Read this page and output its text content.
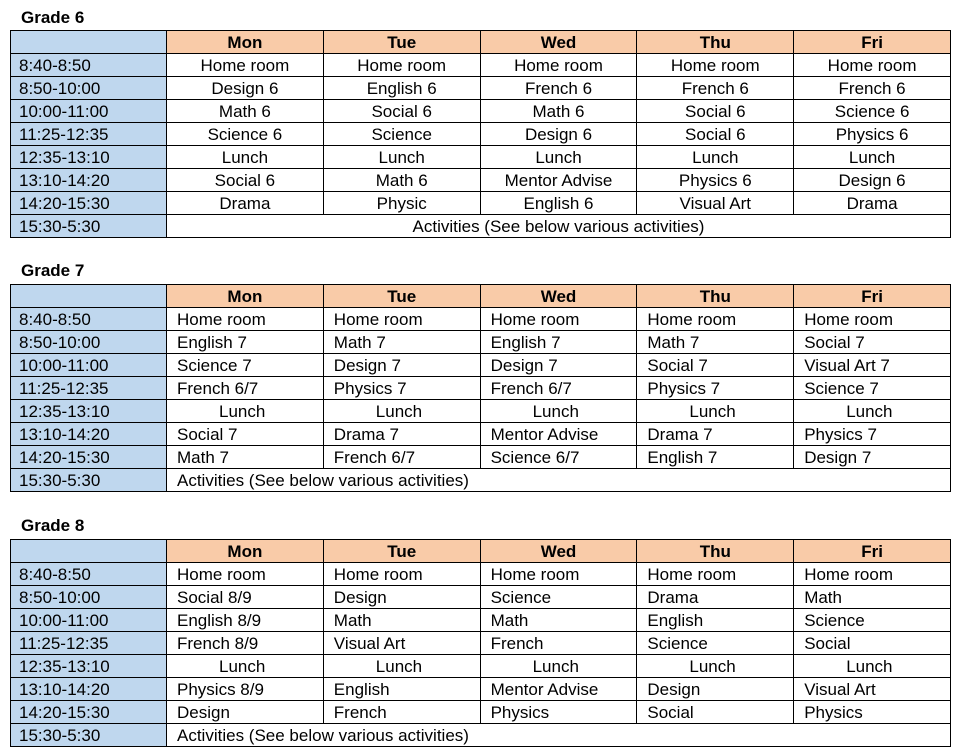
Grade 6
	Mon	Tue	Wed	Thu	Fri
8:40-8:50	Home room	Home room	Home room	Home room	Home room
8:50-10:00	Design 6	English 6	French 6	French 6	French 6
10:00-11:00	Math 6	Social 6	Math 6	Social 6	Science 6
11:25-12:35	Science 6	Science	Design 6	Social 6	Physics 6
12:35-13:10	Lunch	Lunch	Lunch	Lunch	Lunch
13:10-14:20	Social 6	Math 6	Mentor Advise	Physics 6	Design 6
14:20-15:30	Drama	Physic	English 6	Visual Art	Drama
15:30-5:30	Activities (See below various activities)				
Grade 7
	Mon	Tue	Wed	Thu	Fri
8:40-8:50	Home room	Home room	Home room	Home room	Home room
8:50-10:00	English 7	Math 7	English 7	Math 7	Social 7
10:00-11:00	Science 7	Design 7	Design 7	Social 7	Visual Art 7
11:25-12:35	French 6/7	Physics 7	French 6/7	Physics 7	Science 7
12:35-13:10	Lunch	Lunch	Lunch	Lunch	Lunch
13:10-14:20	Social 7	Drama 7	Mentor Advise	Drama 7	Physics 7
14:20-15:30	Math 7	French 6/7	Science 6/7	English 7	Design 7
15:30-5:30	Activities (See below various activities)				
Grade 8
	Mon	Tue	Wed	Thu	Fri
8:40-8:50	Home room	Home room	Home room	Home room	Home room
8:50-10:00	Social 8/9	Design	Science	Drama	Math
10:00-11:00	English 8/9	Math	Math	English	Science
11:25-12:35	French 8/9	Visual Art	French	Science	Social
12:35-13:10	Lunch	Lunch	Lunch	Lunch	Lunch
13:10-14:20	Physics 8/9	English	Mentor Advise	Design	Visual Art
14:20-15:30	Design	French	Physics	Social	Physics
15:30-5:30	Activities (See below various activities)				
